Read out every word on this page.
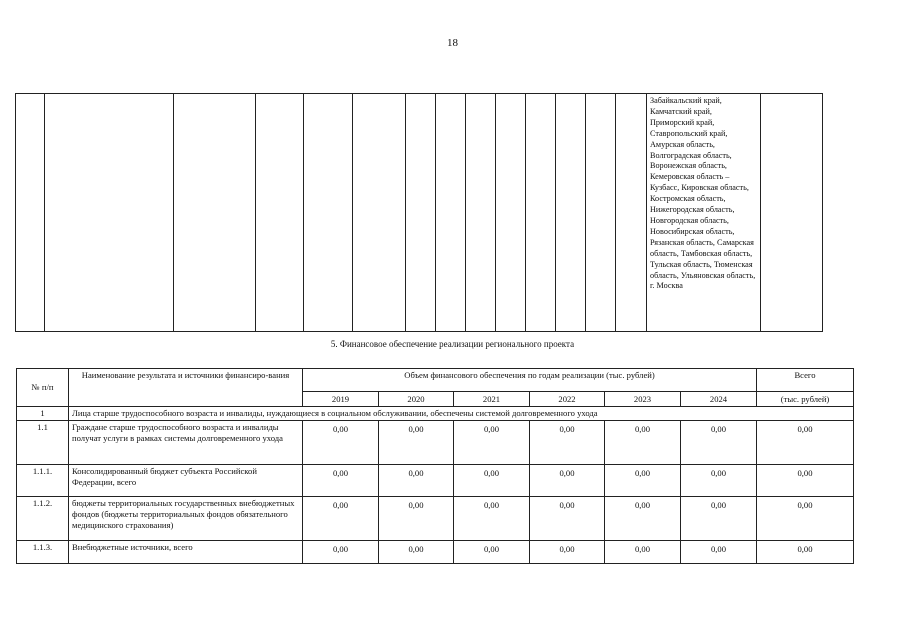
18
														Забайкальский край, Камчатский край, Приморский край, Ставропольский край, Амурская область, Волгоградская область, Воронежская область, Кемеровская область – Кузбасс, Кировская область, Костромская область, Нижегородская область, Новгородская область, Новосибирская область, Рязанская область, Самарская область, Тамбовская область, Тульская область, Тюменская область, Ульяновская область, г. Москва	
5. Финансовое обеспечение реализации регионального проекта
№ п/п	Наименование результата и источники финансиро-вания	Объем финансового обеспечения по годам реализации (тыс. рублей)						Всего
		2019	2020	2021	2022	2023	2024	(тыс. рублей)
1	Лица старше трудоспособного возраста и инвалиды, нуждающиеся в социальном обслуживании, обеспечены системой долговременного ухода							
1.1	Граждане старше трудоспособного возраста и инвалиды получат услуги в рамках системы долговременного ухода	0,00	0,00	0,00	0,00	0,00	0,00	0,00
1.1.1.	Консолидированный бюджет субъекта Российской Федерации, всего	0,00	0,00	0,00	0,00	0,00	0,00	0,00
1.1.2.	бюджеты территориальных государственных внебюджетных фондов (бюджеты территориальных фондов обязательного медицинского страхования)	0,00	0,00	0,00	0,00	0,00	0,00	0,00
1.1.3.	Внебюджетные источники, всего	0,00	0,00	0,00	0,00	0,00	0,00	0,00
